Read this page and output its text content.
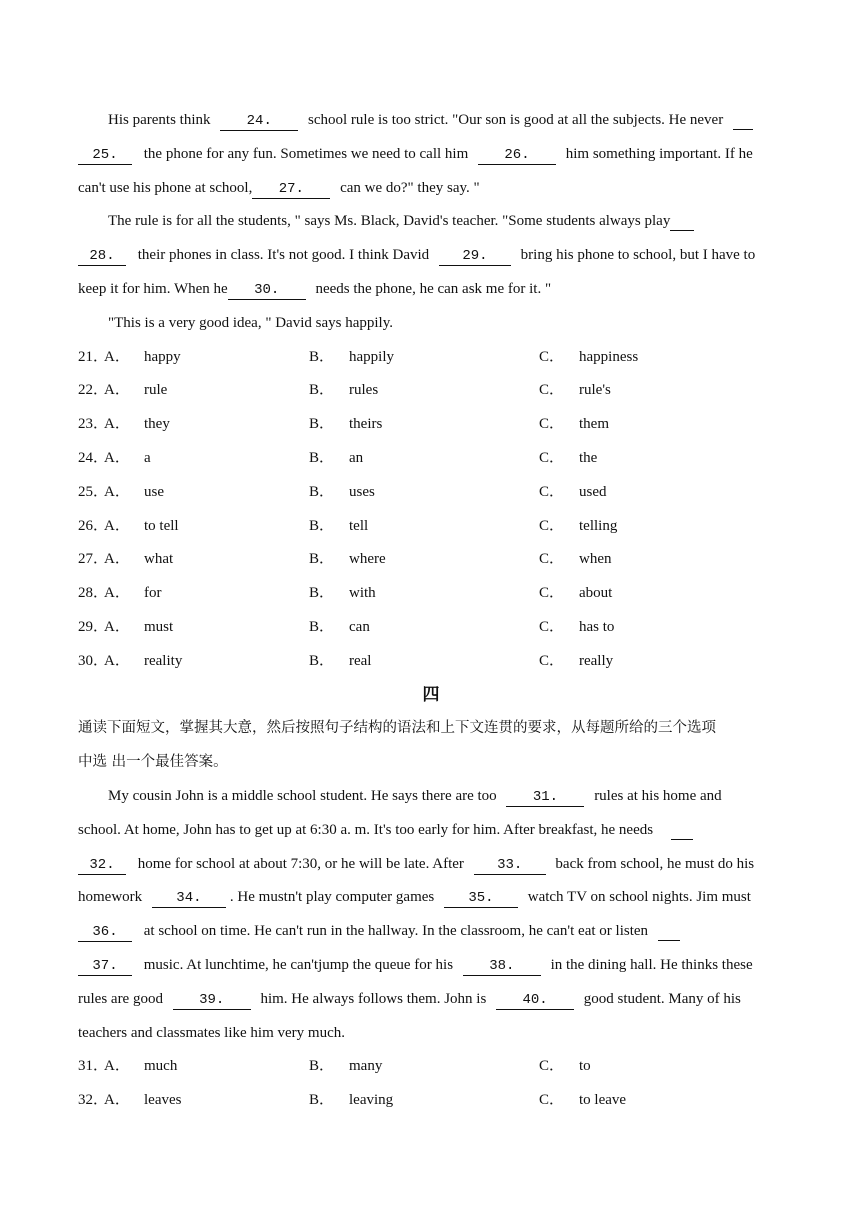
His parents think	24. school rule is too strict. "Our son is good at all the subjects. He never
25. the phone for any fun. Sometimes we need to call him	26. him something important. If he
can't use his phone at school, 27. can we do?" they say. "
The rule is for all the students, " says Ms. Black, David's teacher. "Some students always play
28. their phones in class. It's not good. I think David 29. bring his phone to school, but I have to
keep it for him. When he 30. needs the phone, he can ask me for it. "
"This is a very good idea, " David says happily.
21．
A． happy	B． happily	C． happiness
22．
A． rule	B． rules	C． rule's
23．
A． they	B． theirs	C． them
24．
A． a	B． an	C． the
25．
A． use	B． uses	C． used
26．
A． to tell	B． tell	C． telling
27．
A． what	B． where	C． when
28．
A． for	B． with	C． about
29．
A． must	B． can	C． has to
30．
A． reality	B． real	C． really
四
通读下面短文，掌握其大意，然后按照句子结构的语法和上下文连贯的要求，从每题所给的三个选项
中选 出一个最佳答案。
My cousin John is a middle school student. He says there are too	31. rules at his home and
school. At home, John has to get up at 6:30 a. m. It's too early for him. After breakfast, he needs
32. home for school at about 7:30, or he will be late. After 33. back from school, he must do his
homework 34. . He mustn't play computer games 35. watch TV on school nights. Jim must
36. at school on time. He can't run in the hallway. In the classroom, he can't eat or listen
37. music. At lunchtime, he can'tjump the queue for his	38. in the dining hall. He thinks these
rules are good	39. him. He always follows them. John is	40. good student. Many of his
teachers and classmates like him very much.
31．
A． much	B． many	C． to
32．
A． leaves	B． leaving	C． to leave
